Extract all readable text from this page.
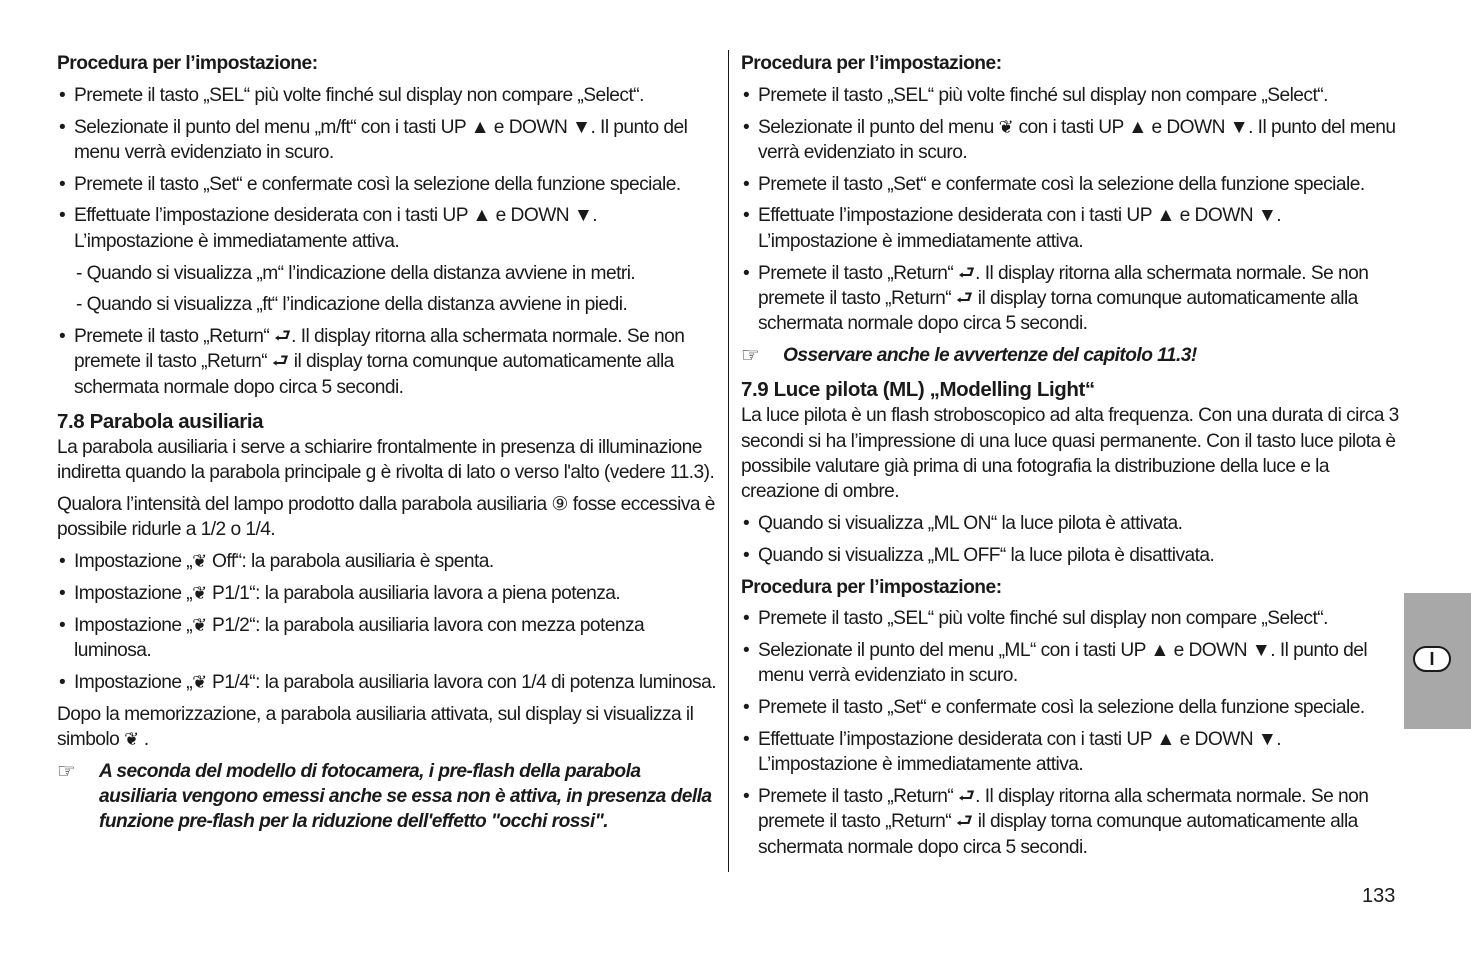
Procedura per l’impostazione:
• Premete il tasto „SEL“ più volte finché sul display non compare „Select“.
• Selezionate il punto del menu „m/ft“ con i tasti UP ▲ e DOWN ▼. Il punto del menu verrà evidenziato in scuro.
• Premete il tasto „Set“ e confermate così la selezione della funzione speciale.
• Effettuate l’impostazione desiderata con i tasti UP ▲ e DOWN ▼. L’impostazione è immediatamente attiva.
- Quando si visualizza „m“ l’indicazione della distanza avviene in metri.
- Quando si visualizza „ft“ l’indicazione della distanza avviene in piedi.
• Premete il tasto „Return“ ⮐. Il display ritorna alla schermata normale. Se non premete il tasto „Return“ ⮐ il display torna comunque automaticamente alla schermata normale dopo circa 5 secondi.
7.8 Parabola ausiliaria
La parabola ausiliaria i serve a schiarire frontalmente in presenza di illuminazione indiretta quando la parabola principale g è rivolta di lato o verso l'alto (vedere 11.3).
Qualora l’intensità del lampo prodotto dalla parabola ausiliaria ⑨ fosse eccessiva è possibile ridurle a 1/2 o 1/4.
• Impostazione „❦ Off“: la parabola ausiliaria è spenta.
• Impostazione „❦ P1/1“: la parabola ausiliaria lavora a piena potenza.
• Impostazione „❦ P1/2“: la parabola ausiliaria lavora con mezza potenza luminosa.
• Impostazione „❦ P1/4“: la parabola ausiliaria lavora con 1/4 di potenza luminosa.
Dopo la memorizzazione, a parabola ausiliaria attivata, sul display si visualizza il simbolo ❦ .
☞ A seconda del modello di fotocamera, i pre-flash della parabola ausiliaria vengono emessi anche se essa non è attiva, in presenza della funzione pre-flash per la riduzione dell'effetto "occhi rossi".
Procedura per l’impostazione:
• Premete il tasto „SEL“ più volte finché sul display non compare „Select“.
• Selezionate il punto del menu ❦ con i tasti UP ▲ e DOWN ▼. Il punto del menu verrà evidenziato in scuro.
• Premete il tasto „Set“ e confermate così la selezione della funzione speciale.
• Effettuate l’impostazione desiderata con i tasti UP ▲ e DOWN ▼. L’impostazione è immediatamente attiva.
• Premete il tasto „Return“ ⮐. Il display ritorna alla schermata normale. Se non premete il tasto „Return“ ⮐ il display torna comunque automaticamente alla schermata normale dopo circa 5 secondi.
☞ Osservare anche le avvertenze del capitolo 11.3!
7.9 Luce pilota (ML) „Modelling Light“
La luce pilota è un flash stroboscopico ad alta frequenza. Con una durata di circa 3 secondi si ha l’impressione di una luce quasi permanente. Con il tasto luce pilota è possibile valutare già prima di una fotografia la distribuzione della luce e la creazione di ombre.
• Quando si visualizza „ML ON“ la luce pilota è attivata.
• Quando si visualizza „ML OFF“ la luce pilota è disattivata.
Procedura per l’impostazione:
• Premete il tasto „SEL“ più volte finché sul display non compare „Select“.
• Selezionate il punto del menu „ML“ con i tasti UP ▲ e DOWN ▼. Il punto del menu verrà evidenziato in scuro.
• Premete il tasto „Set“ e confermate così la selezione della funzione speciale.
• Effettuate l’impostazione desiderata con i tasti UP ▲ e DOWN ▼. L’impostazione è immediatamente attiva.
• Premete il tasto „Return“ ⮐. Il display ritorna alla schermata normale. Se non premete il tasto „Return“ ⮐ il display torna comunque automaticamente alla schermata normale dopo circa 5 secondi.
I
133
